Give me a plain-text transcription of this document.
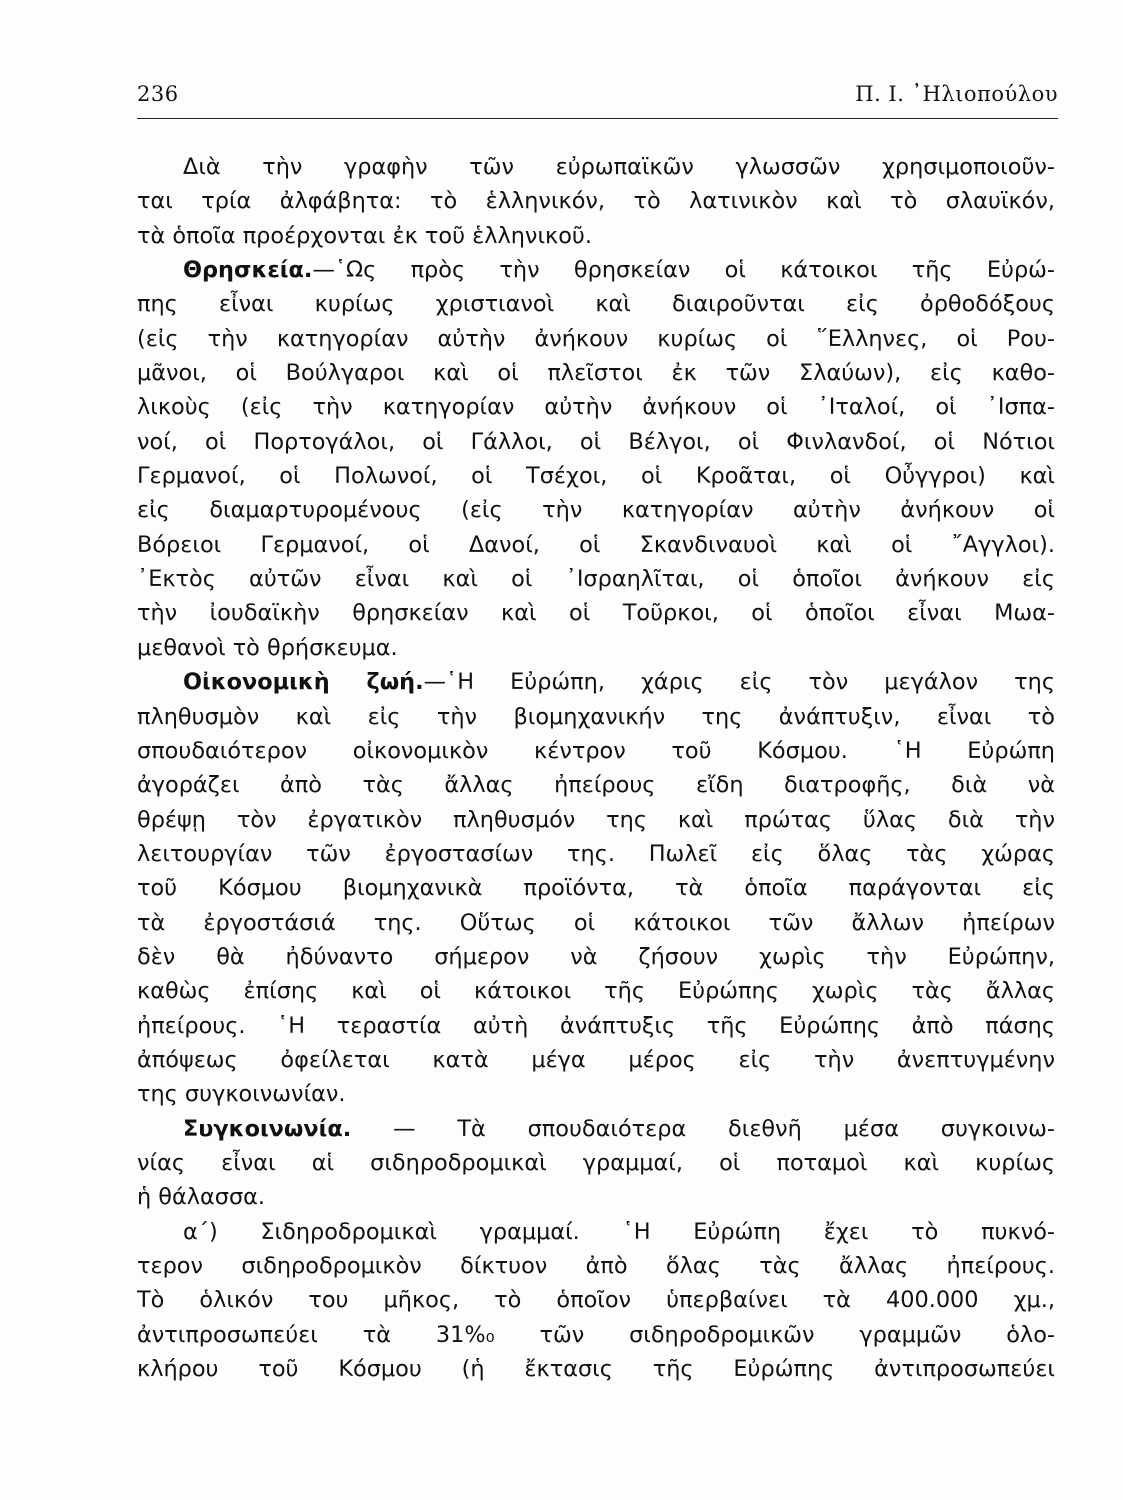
236	Π. Ι. ᾿Ηλιοπούλου
Διὰ τὴν γραφὴν τῶν εὐρωπαϊκῶν γλωσσῶν χρησιμοποιοῦν-
ται τρία ἀλφάβητα: τὸ ἑλληνικόν, τὸ λατινικὸν καὶ τὸ σλαυϊκόν,
τὰ ὁποῖα προέρχονται ἐκ τοῦ ἑλληνικοῦ.
Θρησκεία.—῾Ως πρὸς τὴν θρησκείαν οἱ κάτοικοι τῆς Εὐρώ-
πης εἶναι κυρίως χριστιανοὶ καὶ διαιροῦνται εἰς ὀρθοδόξους
(εἰς τὴν κατηγορίαν αὐτὴν ἀνήκουν κυρίως οἱ ῞Ελληνες, οἱ Ρου-
μᾶνοι, οἱ Βούλγαροι καὶ οἱ πλεῖστοι ἐκ τῶν Σλαύων), εἰς καθο-
λικοὺς (εἰς τὴν κατηγορίαν αὐτὴν ἀνήκουν οἱ ᾿Ιταλοί, οἱ ᾿Ισπα-
νοί, οἱ Πορτογάλοι, οἱ Γάλλοι, οἱ Βέλγοι, οἱ Φινλανδοί, οἱ Νότιοι
Γερμανοί, οἱ Πολωνοί, οἱ Τσέχοι, οἱ Κροᾶται, οἱ Οὖγγροι) καὶ
εἰς διαμαρτυρομένους (εἰς τὴν κατηγορίαν αὐτὴν ἀνήκουν οἱ
Βόρειοι Γερμανοί, οἱ Δανοί, οἱ Σκανδιναυοὶ καὶ οἱ ῎Αγγλοι).
᾿Εκτὸς αὐτῶν εἶναι καὶ οἱ ᾿Ισραηλῖται, οἱ ὁποῖοι ἀνήκουν εἰς
τὴν ἰουδαϊκὴν θρησκείαν καὶ οἱ Τοῦρκοι, οἱ ὁποῖοι εἶναι Μωα-
μεθανοὶ τὸ θρήσκευμα.
Οἰκονομικὴ ζωή.—῾Η Εὐρώπη, χάρις εἰς τὸν μεγάλον της
πληθυσμὸν καὶ εἰς τὴν βιομηχανικήν της ἀνάπτυξιν, εἶναι τὸ
σπουδαιότερον οἰκονομικὸν κέντρον τοῦ Κόσμου. ῾Η Εὐρώπη
ἀγοράζει ἀπὸ τὰς ἄλλας ἠπείρους εἴδη διατροφῆς, διὰ νὰ
θρέψῃ τὸν ἐργατικὸν πληθυσμόν της καὶ πρώτας ὕλας διὰ τὴν
λειτουργίαν τῶν ἐργοστασίων της. Πωλεῖ εἰς ὅλας τὰς χώρας
τοῦ Κόσμου βιομηχανικὰ προϊόντα, τὰ ὁποῖα παράγονται εἰς
τὰ ἐργοστάσιά της. Οὕτως οἱ κάτοικοι τῶν ἄλλων ἠπείρων
δὲν θὰ ἠδύναντο σήμερον νὰ ζήσουν χωρὶς τὴν Εὐρώπην,
καθὼς ἐπίσης καὶ οἱ κάτοικοι τῆς Εὐρώπης χωρὶς τὰς ἄλλας
ἠπείρους. ῾Η τεραστία αὐτὴ ἀνάπτυξις τῆς Εὐρώπης ἀπὸ πάσης
ἀπόψεως ὀφείλεται κατὰ μέγα μέρος εἰς τὴν ἀνεπτυγμένην
της συγκοινωνίαν.
Συγκοινωνία. — Τὰ σπουδαιότερα διεθνῆ μέσα συγκοινω-
νίας εἶναι αἱ σιδηροδρομικαὶ γραμμαί, οἱ ποταμοὶ καὶ κυρίως
ἡ θάλασσα.
α´) Σιδηροδρομικαὶ γραμμαί. ῾Η Εὐρώπη ἔχει τὸ πυκνό-
τερον σιδηροδρομικὸν δίκτυον ἀπὸ ὅλας τὰς ἄλλας ἠπείρους.
Τὸ ὁλικόν του μῆκος, τὸ ὁποῖον ὑπερβαίνει τὰ 400.000 χμ.,
ἀντιπροσωπεύει τὰ 31%₀ τῶν σιδηροδρομικῶν γραμμῶν ὁλο-
κλήρου τοῦ Κόσμου (ἡ ἔκτασις τῆς Εὐρώπης ἀντιπροσωπεύει
